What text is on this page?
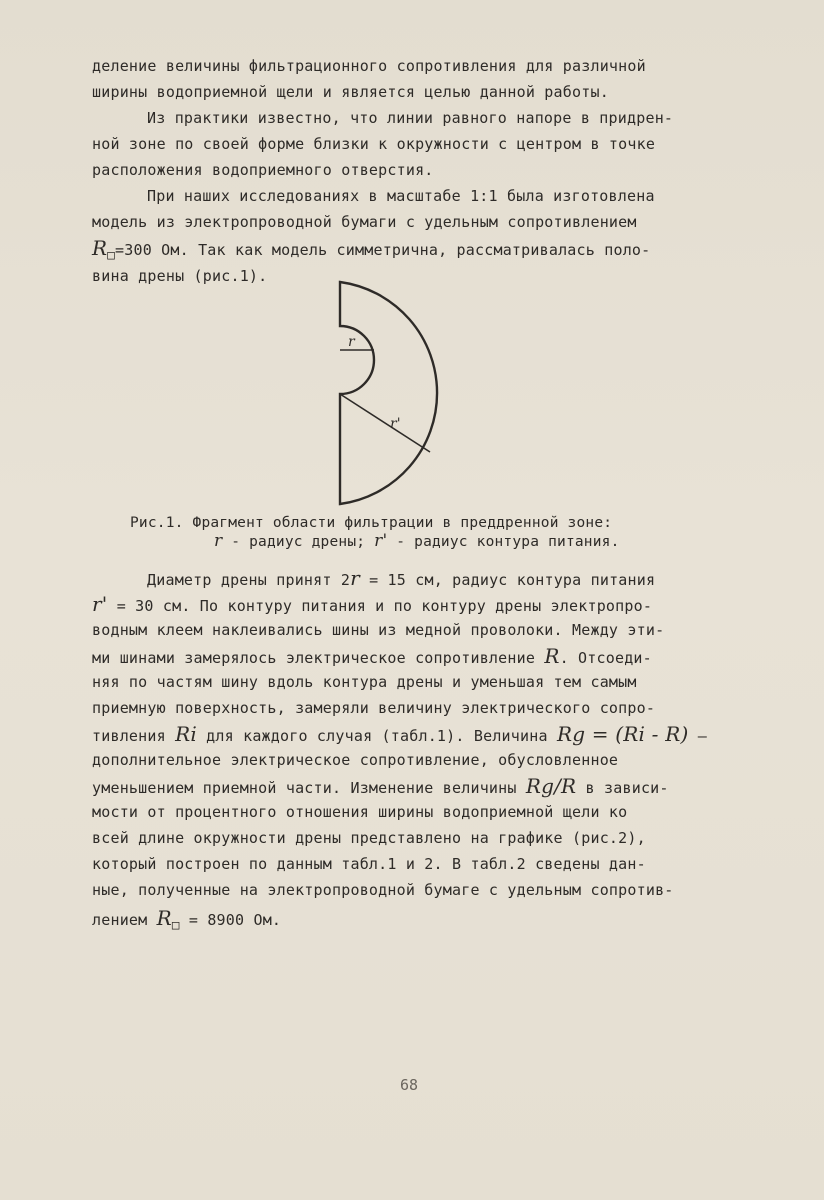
деление величины фильтрационного сопротивления для различной
ширины водоприемной щели и является целью данной работы.
Из практики известно, что линии равного напоре в придрен-
ной зоне по своей форме близки к окружности с центром в точке
расположения водоприемного отверстия.
При наших исследованиях в масштабе 1:1 была изготовлена
модель из электропроводной бумаги с удельным сопротивлением
$R_□=300$ Ом. Так как модель симметрична, рассматривалась поло-
вина дрены (рис.1).
r
r'
Рис.1. Фрагмент области фильтрации в преддренной зоне:
r - радиус дрены; r' - радиус контура питания.
Диаметр дрены принят 2r = 15 см, радиус контура питания
r' = 30 см. По контуру питания и по контуру дрены электропро-
водным клеем наклеивались шины из медной проволоки. Между эти-
ми шинами замерялось электрическое сопротивление R. Отсоеди-
няя по частям шину вдоль контура дрены и уменьшая тем самым
приемную поверхность, замеряли величину электрического сопро-
тивления Ri для каждого случая (табл.1). Величина Rg = (Ri - R) –
дополнительное электрическое сопротивление, обусловленное
уменьшением приемной части. Изменение величины Rg/R в зависи-
мости от процентного отношения ширины водоприемной щели ко
всей длине окружности дрены представлено на графике (рис.2),
который построен по данным табл.1 и 2. В табл.2 сведены дан-
ные, полученные на электропроводной бумаге с удельным сопротив-
лением $R_□ = 8900$ Ом.
68
